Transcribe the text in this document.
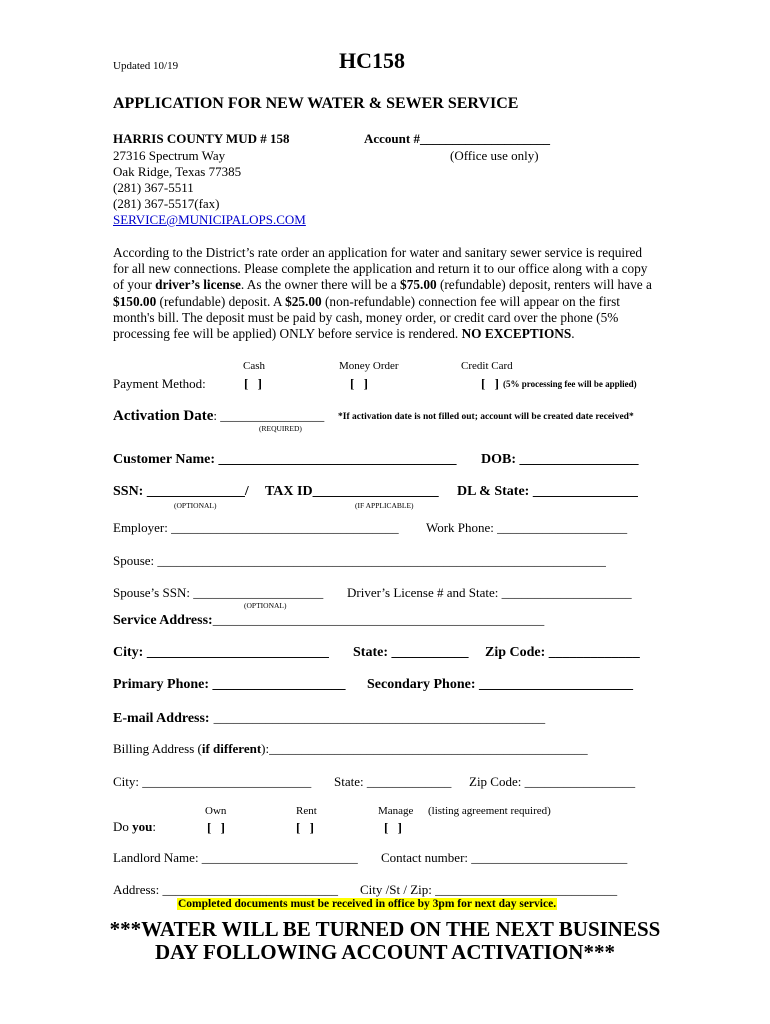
Updated 10/19	HC158
APPLICATION FOR NEW WATER & SEWER SERVICE
HARRIS COUNTY MUD # 158
27316 Spectrum Way
Oak Ridge, Texas 77385
(281) 367-5511
(281) 367-5517(fax)
SERVICE@MUNICIPALOPS.COM
Account #____________________
(Office use only)
According to the District’s rate order an application for water and sanitary sewer service is required for all new connections. Please complete the application and return it to our office along with a copy of your driver’s license. As the owner there will be a $75.00 (refundable) deposit, renters will have a $150.00 (refundable) deposit. A $25.00 (non-refundable) connection fee will appear on the first month's bill. The deposit must be paid by cash, money order, or credit card over the phone (5% processing fee will be applied) ONLY before service is rendered. NO EXCEPTIONS.
Cash	Money Order	Credit Card
Payment Method:	[ ]	[ ]	[ ] (5% processing fee will be applied)
Activation Date: ________________ *If activation date is not filled out; account will be created date received*
(REQUIRED)
Customer Name: __________________________________ DOB: _________________
SSN: ______________/ TAX ID__________________ DL & State: _______________
(OPTIONAL)	(IF APPLICABLE)
Employer: ___________________________________ Work Phone: ____________________
Spouse: _____________________________________________________________________
Spouse’s SSN: ____________________ Driver’s License # and State: ____________________
(OPTIONAL)
Service Address:___________________________________________________
City: __________________________ State: ___________ Zip Code: _____________
Primary Phone: ___________________ Secondary Phone: ______________________
E-mail Address: ___________________________________________________
Billing Address (if different):_________________________________________________
City: __________________________ State: _____________ Zip Code: _________________
Own	Rent	Manage (listing agreement required)
Do you:	[ ]	[ ]	[ ]
Landlord Name: ________________________ Contact number: ________________________
Address: ___________________________ City /St / Zip: ____________________________
Completed documents must be received in office by 3pm for next day service.
***WATER WILL BE TURNED ON THE NEXT BUSINESS
DAY FOLLOWING ACCOUNT ACTIVATION***
